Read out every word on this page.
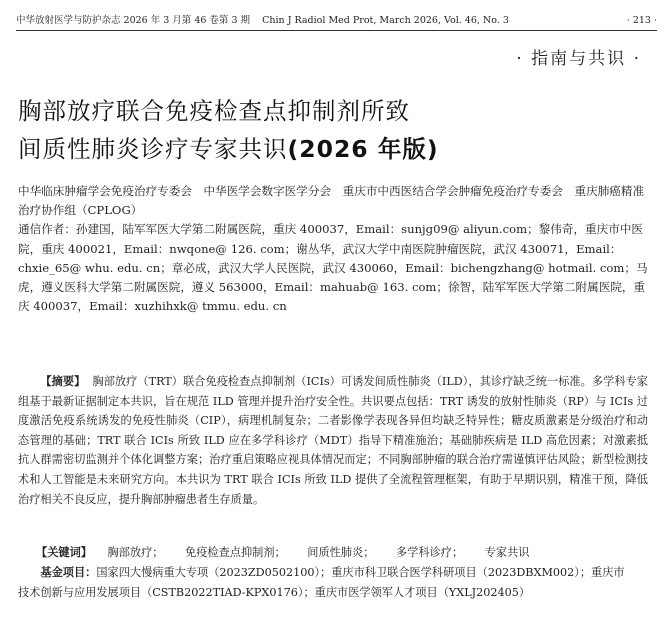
中华放射医学与防护杂志 2026 年 3 月第 46 卷第 3 期 Chin J Radiol Med Prot, March 2026, Vol. 46, No. 3	· 213 ·
· 指南与共识 ·
胸部放疗联合免疫检查点抑制剂所致
间质性肺炎诊疗专家共识(2026 年版)

中华临床肿瘤学会免疫治疗专委会　中华医学会数字医学分会　重庆市中西医结合学会肿瘤免疫治疗专委会　重庆肺癌精准治疗协作组（CPLOG）

通信作者：孙建国，陆军军医大学第二附属医院，重庆 400037，Email：sunjg09@ aliyun.com；黎伟奇，重庆市中医院，重庆 400021，Email：nwqone@ 126. com；谢丛华，武汉大学中南医院肿瘤医院，武汉 430071，Email：chxie_65@ whu. edu. cn；章必成，武汉大学人民医院，武汉 430060，Email：bichengzhang@ hotmail. com；马虎，遵义医科大学第二附属医院，遵义 563000，Email：mahuab@ 163. com；徐智，陆军军医大学第二附属医院，重庆 400037，Email：xuzhihxk@ tmmu. edu. cn

【摘要】 胸部放疗（TRT）联合免疫检查点抑制剂（ICIs）可诱发间质性肺炎（ILD），其诊疗缺乏统一标准。多学科专家组基于最新证据制定本共识，旨在规范 ILD 管理并提升治疗安全性。共识要点包括：TRT 诱发的放射性肺炎（RP）与 ICIs 过度激活免疫系统诱发的免疫性肺炎（CIP），病理机制复杂；二者影像学表现各异但均缺乏特异性；糖皮质激素是分级治疗和动态管理的基础；TRT 联合 ICIs 所致 ILD 应在多学科诊疗（MDT）指导下精准施治；基础肺疾病是 ILD 高危因素；对激素抵抗人群需密切监测并个体化调整方案；治疗重启策略应视具体情况而定；不同胸部肿瘤的联合治疗需谨慎评估风险；新型检测技术和人工智能是未来研究方向。本共识为 TRT 联合 ICIs 所致 ILD 提供了全流程管理框架，有助于早期识别，精准干预，降低治疗相关不良反应，提升胸部肿瘤患者生存质量。

【关键词】 胸部放疗； 免疫检查点抑制剂； 间质性肺炎； 多学科诊疗； 专家共识
基金项目：国家四大慢病重大专项（2023ZD0502100）；重庆市科卫联合医学科研项目（2023DBXM002）；重庆市技术创新与应用发展项目（CSTB2022TIAD-KPX0176）；重庆市医学领军人才项目（YXLJ202405）
